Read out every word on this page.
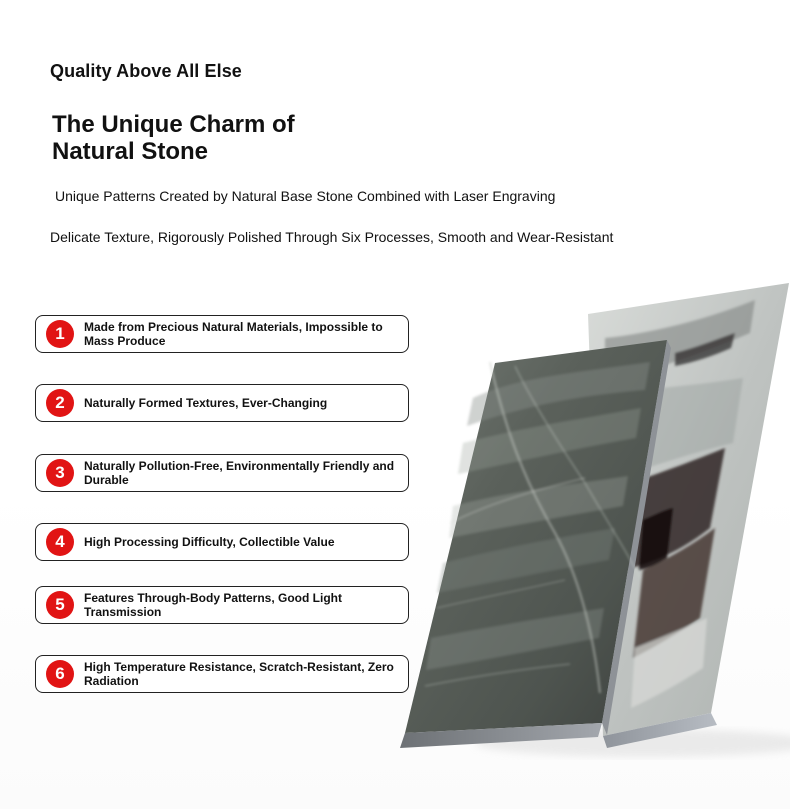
Quality Above All Else
The Unique Charm of
Natural Stone
Unique Patterns Created by Natural Base Stone Combined with Laser Engraving
Delicate Texture, Rigorously Polished Through Six Processes, Smooth and Wear-Resistant
1	Made from Precious Natural Materials, Impossible to Mass Produce
2	Naturally Formed Textures, Ever-Changing
3	Naturally Pollution-Free, Environmentally Friendly and Durable
4	High Processing Difficulty, Collectible Value
5	Features Through-Body Patterns, Good Light Transmission
6	High Temperature Resistance, Scratch-Resistant, Zero Radiation
